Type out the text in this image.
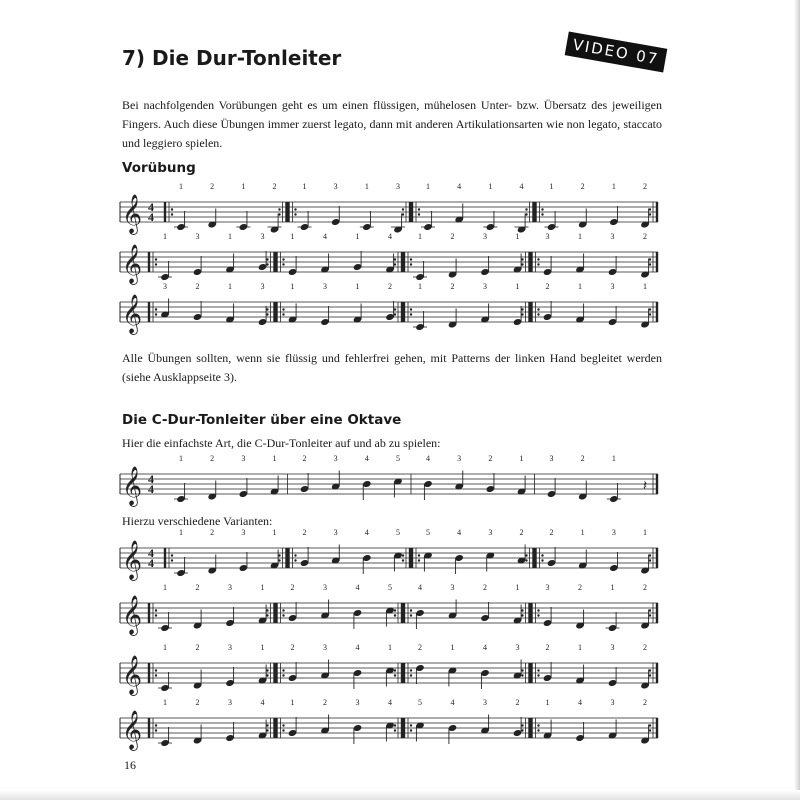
7) Die Dur-Tonleiter	VIDEO 07

Bei nachfolgenden Vorübungen geht es um einen flüssigen, mühelosen Unter- bzw. Übersatz des jeweiligen Fingers. Auch diese Übungen immer zuerst legato, dann mit anderen Artikulationsarten wie non legato, staccato und leggiero spielen.

Vorübung
𝄞 4
4
1	2	1	2	1	3	1	3	1	4	1	4	1	2	1	2
𝄞
1	3	1	3	1	4	1	4	1	2	3	1	3	1	3	2
𝄞
3	2	1	3	1	3	1	2	1	2	3	1	2	1	3	1

Alle Übungen sollten, wenn sie flüssig und fehlerfrei gehen, mit Patterns der linken Hand begleitet werden (siehe Ausklappseite 3).

Die C-Dur-Tonleiter über eine Oktave

Hier die einfachste Art, die C-Dur-Tonleiter auf und ab zu spielen:

𝄞 4
4
1	2	3	1	2	3	4	5	4	3	2	1	3	2	1
𝄽

Hierzu verschiedene Varianten:

𝄞 4
4
1	2	3	1	2	3	4	5	5	4	3	2	2	1	3	1
𝄞
1	2	3	1	2	3	4	5	4	3	2	1	3	2	1	2
𝄞
1	2	3	1	2	3	4	1	2	1	4	3	2	1	3	2
𝄞
1	2	3	4	1	2	3	4	5	4	3	2	1	4	3	2
16
